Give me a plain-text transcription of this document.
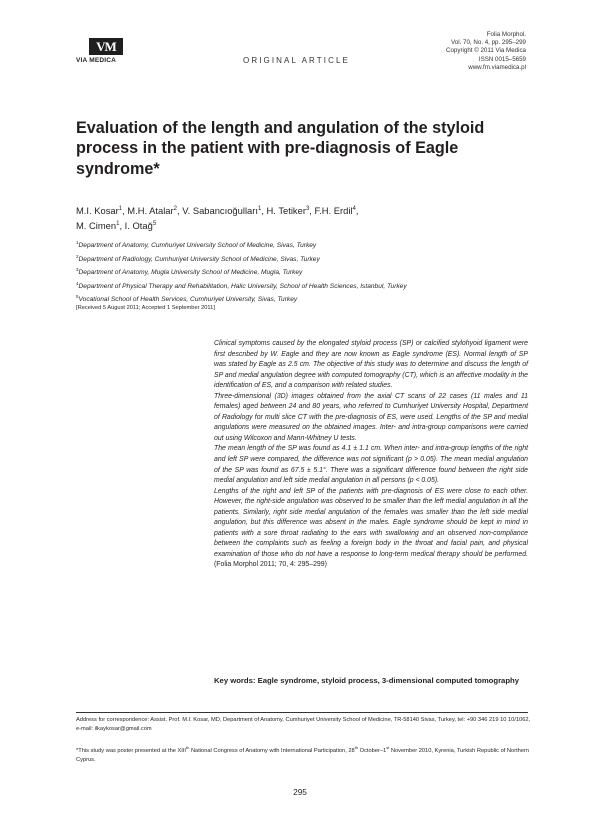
VM
VIA MEDICA	ORIGINAL ARTICLE
Folia Morphol.
Vol. 70, No. 4, pp. 295–299
Copyright © 2011 Via Medica
ISSN 0015–5659
www.fm.viamedica.pl
Evaluation of the length and angulation of the styloid process in the patient with pre-diagnosis of Eagle syndrome*
M.I. Kosar$^1$, M.H. Atalar$^2$, V. Sabancıoğulları$^1$, H. Tetiker$^3$, F.H. Erdil$^4$,
M. Cimen$^1$, I. Otağ$^5$
$^1$Department of Anatomy, Cumhuriyet University School of Medicine, Sivas, Turkey
$^2$Department of Radiology, Cumhuriyet University School of Medicine, Sivas, Turkey
$^3$Department of Anatomy, Mugla University School of Medicine, Mugla, Turkey
$^4$Department of Physical Therapy and Rehabilitation, Halic University, School of Health Sciences, Istanbul, Turkey
$^5$Vocational School of Health Services, Cumhuriyet University, Sivas, Turkey
[Received 5 August 2011; Accepted 1 September 2011]

Clinical symptoms caused by the elongated styloid process (SP) or calcified stylohyoid ligament were first described by W. Eagle and they are now known as Eagle syndrome (ES). Normal length of SP was stated by Eagle as 2.5 cm. The objective of this study was to determine and discuss the length of SP and medial angulation degree with computed tomography (CT), which is an affective modality in the identification of ES, and a comparison with related studies.

Three-dimensional (3D) images obtained from the axial CT scans of 22 cases (11 males and 11 females) aged between 24 and 80 years, who referred to Cumhuriyet University Hospital, Department of Radiology for multi slice CT with the pre-diagnosis of ES, were used. Lengths of the SP and medial angulations were measured on the obtained images. Inter- and intra-group comparisons were carried out using Wilcoxon and Mann-Whitney U tests.

The mean length of the SP was found as 4.1 ± 1.1 cm. When inter- and intra-group lengths of the right and left SP were compared, the difference was not significant (p > 0.05). The mean medial angulation of the SP was found as 67.5 ± 5.1°. There was a significant difference found between the right side medial angulation and left side medial angulation in all persons (p < 0.05).

Lengths of the right and left SP of the patients with pre-diagnosis of ES were close to each other. However, the right-side angulation was observed to be smaller than the left medial angulation in all the patients. Similarly, right side medial angulation of the females was smaller than the left side medial angulation, but this difference was absent in the males. Eagle syndrome should be kept in mind in patients with a sore throat radiating to the ears with swallowing and an observed non-compliance between the complaints such as feeling a foreign body in the throat and facial pain, and physical examination of those who do not have a response to long-term medical therapy should be performed. (Folia Morphol 2011; 70, 4: 295–299)

Key words: Eagle syndrome, styloid process, 3-dimensional computed tomography
Address for correspondence: Assist. Prof. M.I. Kosar, MD, Department of Anatomy, Cumhuriyet University School of Medicine, TR-58140 Sivas, Turkey, tel: +90 346 219 10 10/1062, e-mail: ilkaykosar@gmail.com
*This study was poster presented at the XIIIth National Congress of Anatomy with International Participation, 28th October–1st November 2010, Kyrenia, Turkish Republic of Northern Cyprus.
295
